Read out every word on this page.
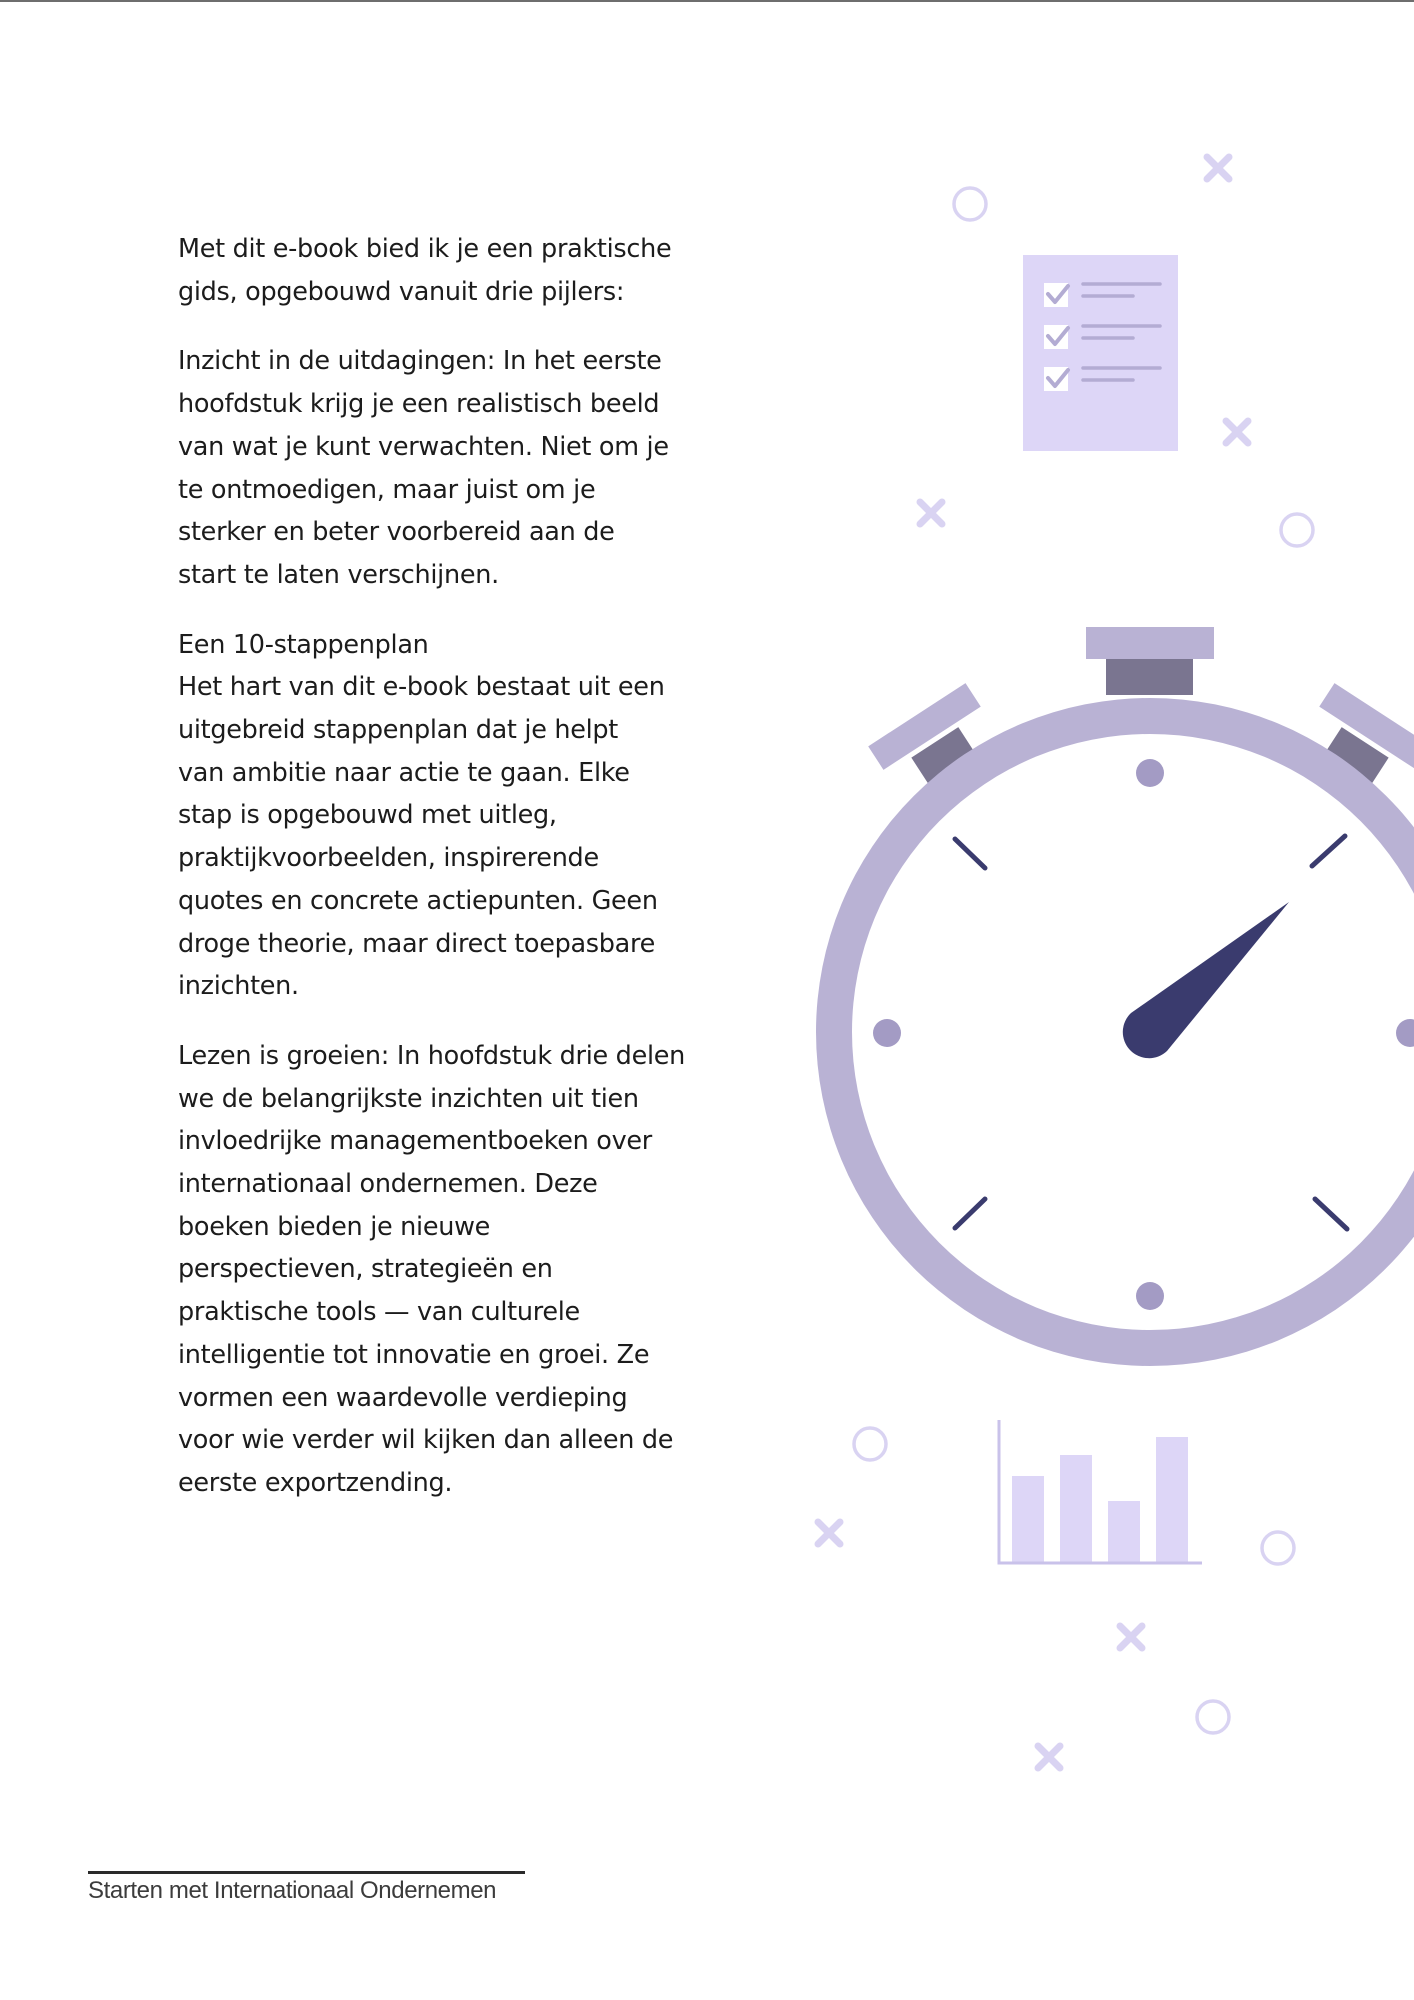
Met dit e-book bied ik je een praktische
gids, opgebouwd vanuit drie pijlers:

Inzicht in de uitdagingen: In het eerste
hoofdstuk krijg je een realistisch beeld
van wat je kunt verwachten. Niet om je
te ontmoedigen, maar juist om je
sterker en beter voorbereid aan de
start te laten verschijnen.

Een 10-stappenplan
Het hart van dit e-book bestaat uit een
uitgebreid stappenplan dat je helpt
van ambitie naar actie te gaan. Elke
stap is opgebouwd met uitleg,
praktijkvoorbeelden, inspirerende
quotes en concrete actiepunten. Geen
droge theorie, maar direct toepasbare
inzichten.

Lezen is groeien: In hoofdstuk drie delen
we de belangrijkste inzichten uit tien
invloedrijke managementboeken over
internationaal ondernemen. Deze
boeken bieden je nieuwe
perspectieven, strategieën en
praktische tools — van culturele
intelligentie tot innovatie en groei. Ze
vormen een waardevolle verdieping
voor wie verder wil kijken dan alleen de
eerste exportzending.

Starten met Internationaal Ondernemen
